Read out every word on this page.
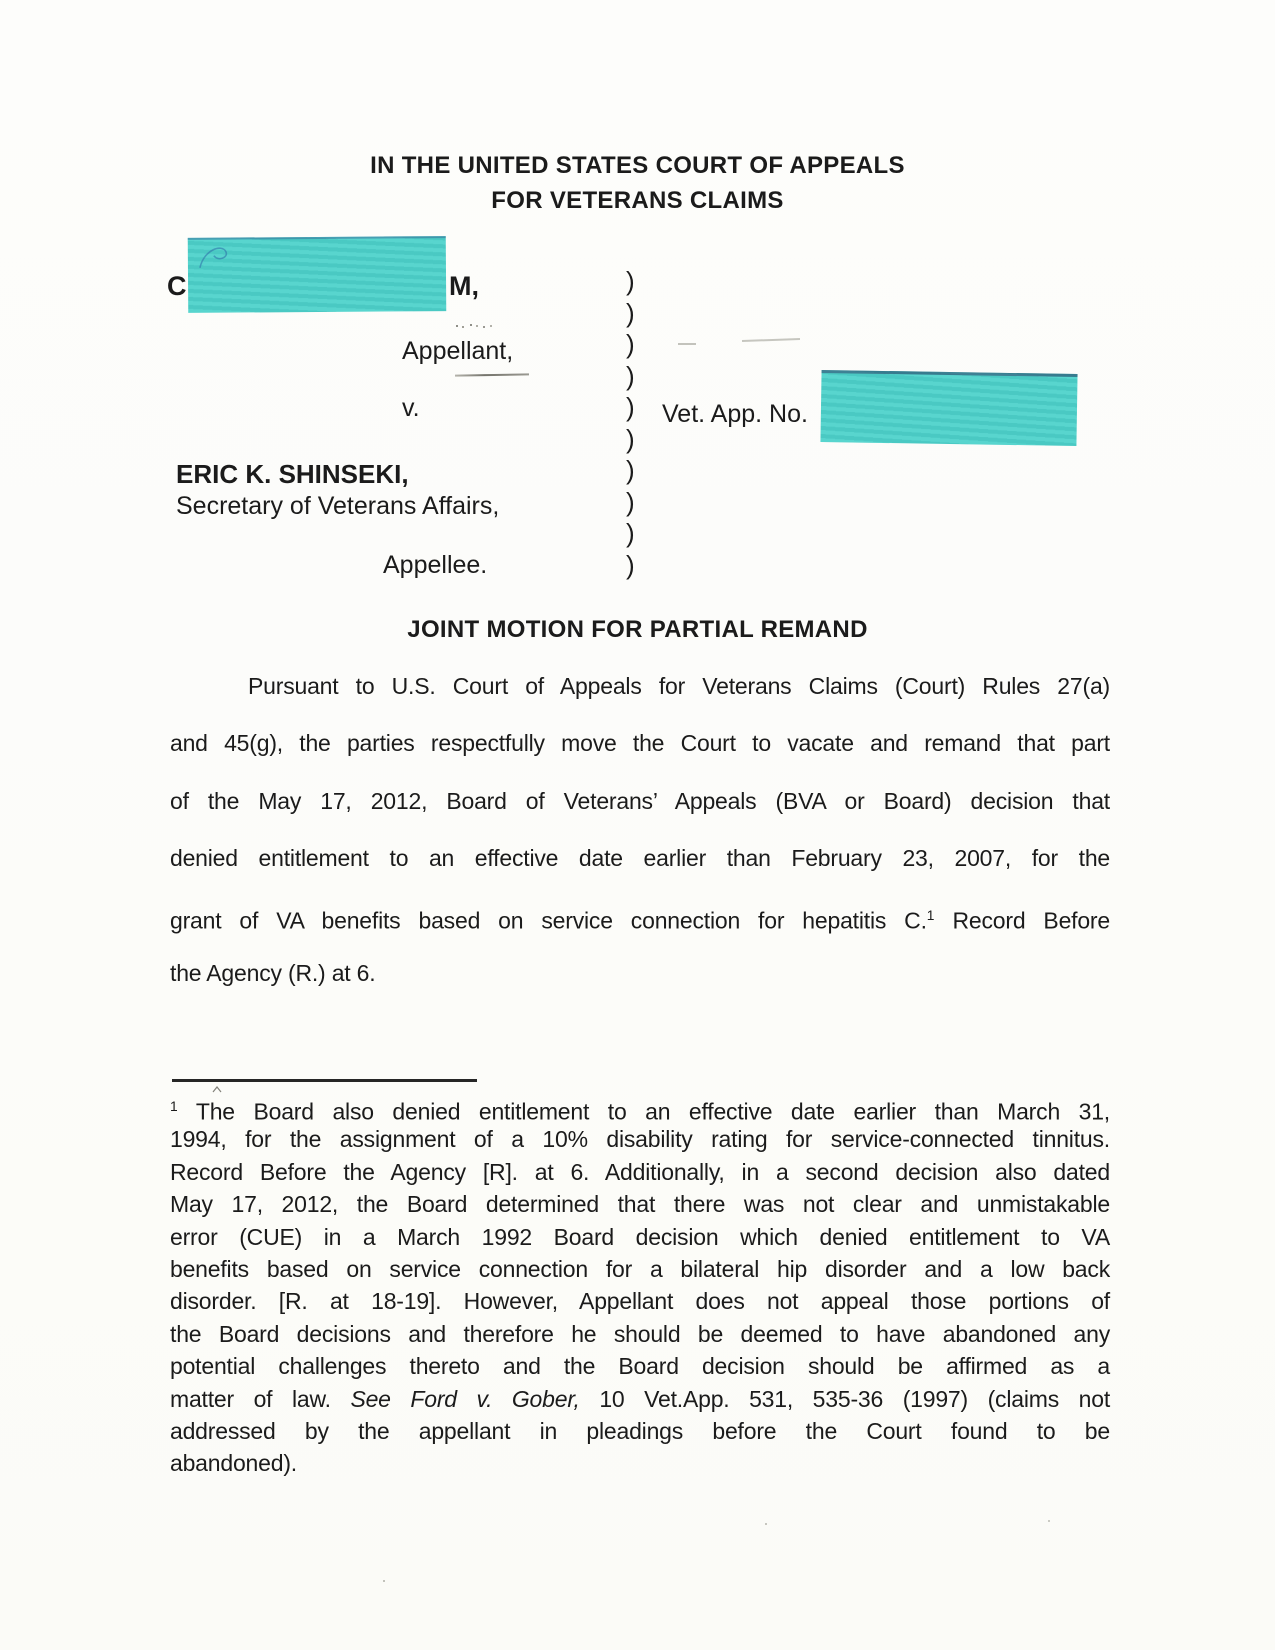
IN THE UNITED STATES COURT OF APPEALS
FOR VETERANS CLAIMS
C	M,
Appellant,
v.
ERIC K. SHINSEKI,
Secretary of Veterans Affairs,
Appellee.
)
)
)
)
)
)
)
)
)
)
Vet. App. No.
JOINT MOTION FOR PARTIAL REMAND
Pursuant to U.S. Court of Appeals for Veterans Claims (Court) Rules 27(a)
and 45(g), the parties respectfully move the Court to vacate and remand that part
of the May 17, 2012, Board of Veterans’ Appeals (BVA or Board) decision that
denied entitlement to an effective date earlier than February 23, 2007, for the
grant of VA benefits based on service connection for hepatitis C.$^1$ Record Before
the Agency (R.) at 6.
$^1$ The Board also denied entitlement to an effective date earlier than March 31,
1994, for the assignment of a 10% disability rating for service-connected tinnitus.
Record Before the Agency [R]. at 6. Additionally, in a second decision also dated
May 17, 2012, the Board determined that there was not clear and unmistakable
error (CUE) in a March 1992 Board decision which denied entitlement to VA
benefits based on service connection for a bilateral hip disorder and a low back
disorder. [R. at 18-19]. However, Appellant does not appeal those portions of
the Board decisions and therefore he should be deemed to have abandoned any
potential challenges thereto and the Board decision should be affirmed as a
matter of law. See Ford v. Gober, 10 Vet.App. 531, 535-36 (1997) (claims not
addressed by the appellant in pleadings before the Court found to be
abandoned).
